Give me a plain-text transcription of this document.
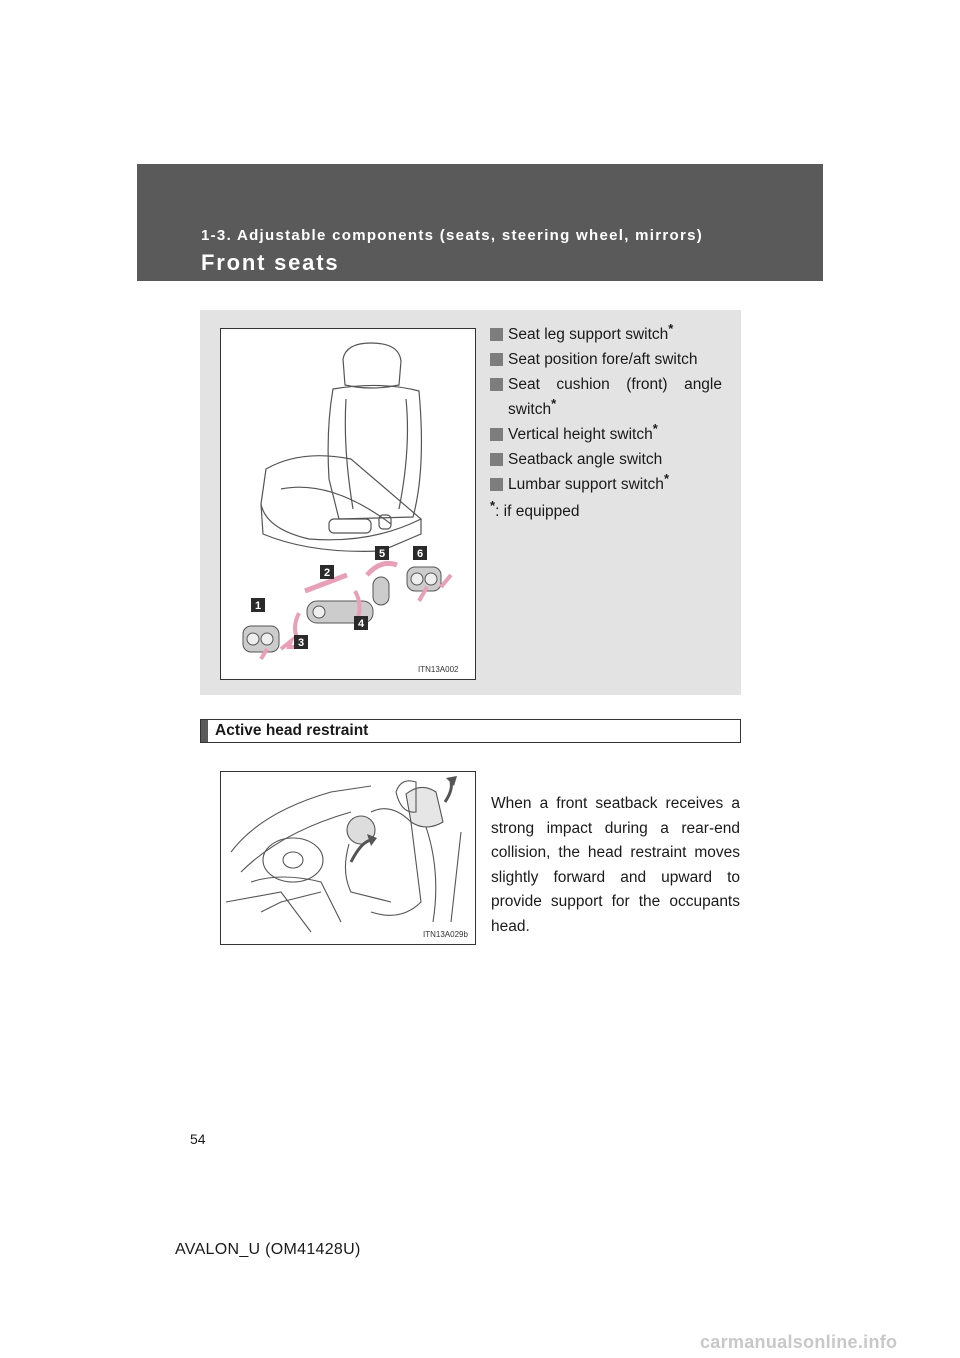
1-3. Adjustable components (seats, steering wheel, mirrors)
Front seats
1
2
3
4
5	6
ITN13A002
Seat leg support switch*
Seat position fore/aft switch
Seat cushion (front) angle
switch*
Vertical height switch*
Seatback angle switch
Lumbar support switch*
*: if equipped
Active head restraint
ITN13A029b
When a front seatback receives a strong impact during a rear-end collision, the head restraint moves slightly forward and upward to provide support for the occupants head.
54
AVALON_U (OM41428U)
carmanualsonline.info
